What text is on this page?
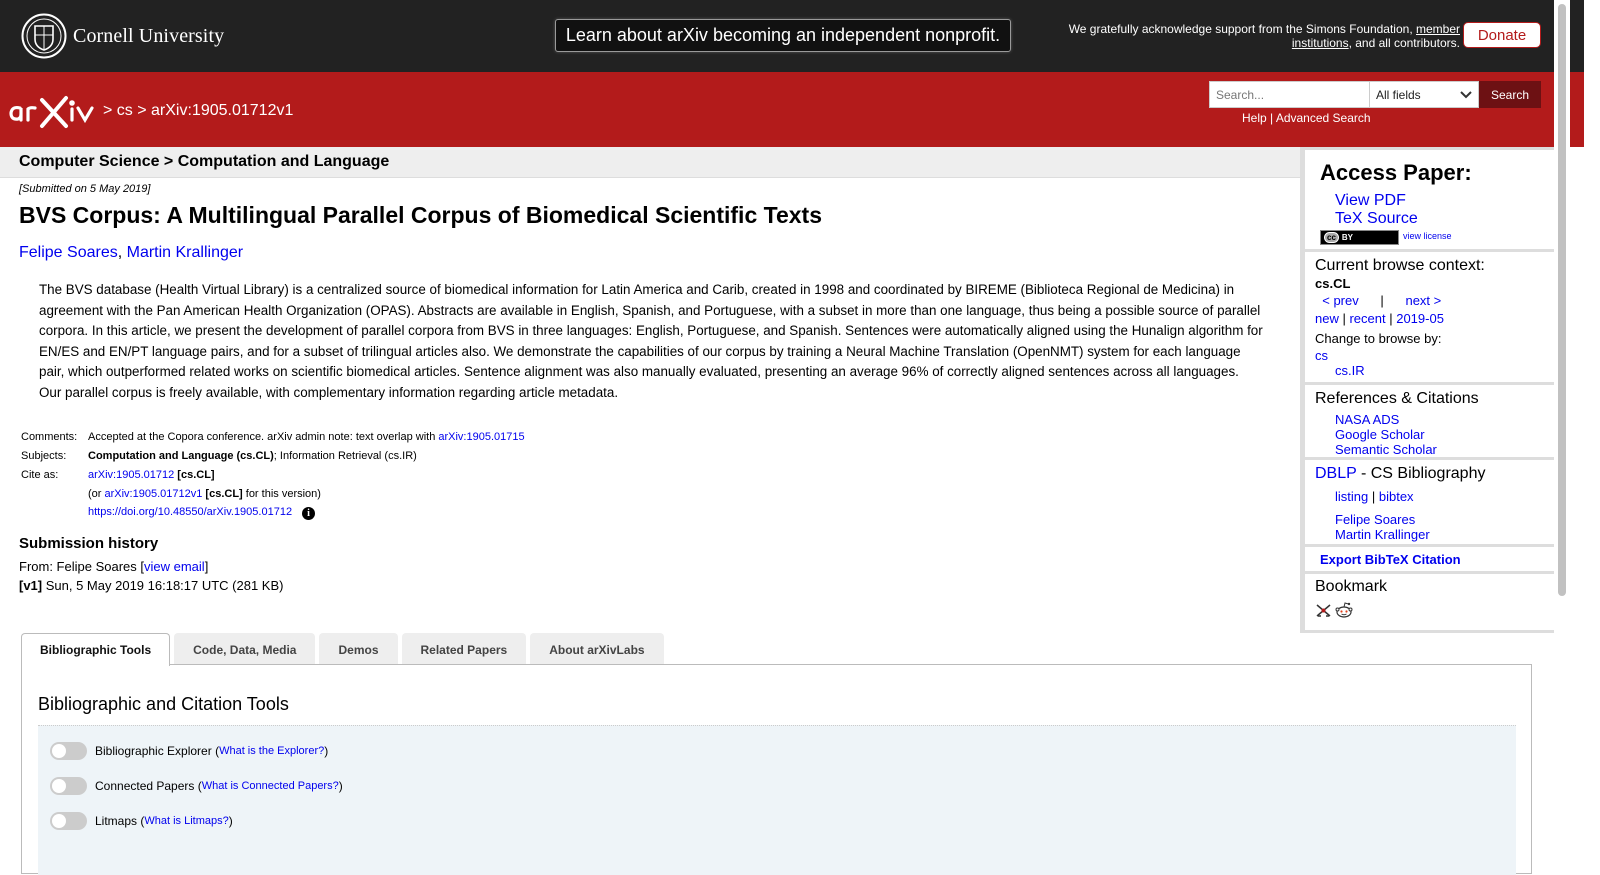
Cornell University	Learn about arXiv becoming an independent nonprofit.	We gratefully acknowledge support from the Simons Foundation, member
institutions, and all contributors.	Donate
> cs > arXiv:1905.01712v1
Search...
All fields	Search
Help | Advanced Search
Computer Science > Computation and Language
[Submitted on 5 May 2019]
BVS Corpus: A Multilingual Parallel Corpus of Biomedical Scientific Texts
Felipe Soares, Martin Krallinger
The BVS database (Health Virtual Library) is a centralized source of biomedical information for Latin America and Carib, created in 1998 and coordinated by BIREME (Biblioteca Regional de Medicina) in agreement with the Pan American Health Organization (OPAS). Abstracts are available in English, Spanish, and Portuguese, with a subset in more than one language, thus being a possible source of parallel corpora. In this article, we present the development of parallel corpora from BVS in three languages: English, Portuguese, and Spanish. Sentences were automatically aligned using the Hunalign algorithm for EN/ES and EN/PT language pairs, and for a subset of trilingual articles also. We demonstrate the capabilities of our corpus by training a Neural Machine Translation (OpenNMT) system for each language pair, which outperformed related works on scientific biomedical articles. Sentence alignment was also manually evaluated, presenting an average 96% of correctly aligned sentences across all languages. Our parallel corpus is freely available, with complementary information regarding article metadata.
Comments:	Accepted at the Copora conference. arXiv admin note: text overlap with arXiv:1905.01715
Subjects:	Computation and Language (cs.CL); Information Retrieval (cs.IR)
Cite as:	arXiv:1905.01712 [cs.CL]
	(or arXiv:1905.01712v1 [cs.CL] for this version)
	https://doi.org/10.48550/arXiv.1905.01712 i
Submission history
From: Felipe Soares [view email]
[v1] Sun, 5 May 2019 16:18:17 UTC (281 KB)
Access Paper:
View PDF
TeX Source
cc BY	view license
Current browse context:
cs.CL
< prev | next >
new | recent | 2019-05
Change to browse by:
cs
cs.IR
References & Citations
NASA ADS
Google Scholar
Semantic Scholar
DBLP - CS Bibliography
listing | bibtex
Felipe Soares
Martin Krallinger
Export BibTeX Citation
Bookmark
Bibliographic Tools	Code, Data, Media	Demos	Related Papers	About arXivLabs
Bibliographic and Citation Tools
Bibliographic Explorer ( What is the Explorer? )
Connected Papers ( What is Connected Papers? )
Litmaps ( What is Litmaps? )
